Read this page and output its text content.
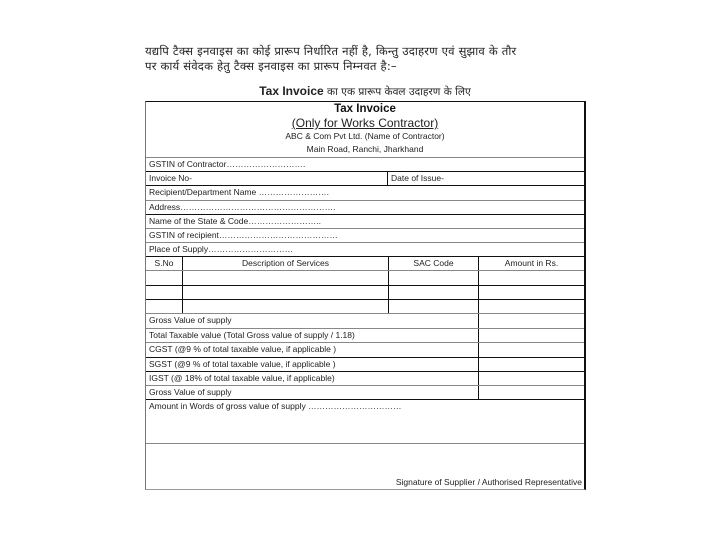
यद्यपि टैक्स इनवाइस का कोई प्रारूप निर्धारित नहीं है, किन्तु उदाहरण एवं सुझाव के तौर
पर कार्य संवेदक हेतु टैक्स इनवाइस का प्रारूप निम्नवत है:–
Tax Invoice का एक प्रारूप केवल उदाहरण के लिए
Tax Invoice
(Only for Works Contractor)
ABC & Com Pvt Ltd. (Name of Contractor)
Main Road, Ranchi, Jharkhand
GSTIN of Contractor……………………….
Invoice No-	Date of Issue-
Recipient/Department Name …………………….
Address……………………………………………….
Name of the State & Code……………………..
GSTIN of recipient……………………………………
Place of Supply…………………………
S.No	Description of Services	SAC Code	Amount in Rs.
Gross Value of supply
Total Taxable value (Total Gross value of supply / 1.18)
CGST (@9 % of total taxable value, if applicable )
SGST (@9 % of total taxable value, if applicable )
IGST (@ 18% of total taxable value, if applicable)
Gross Value of supply
Amount in Words of gross value of supply ……………………………
Signature of Supplier / Authorised Representative
